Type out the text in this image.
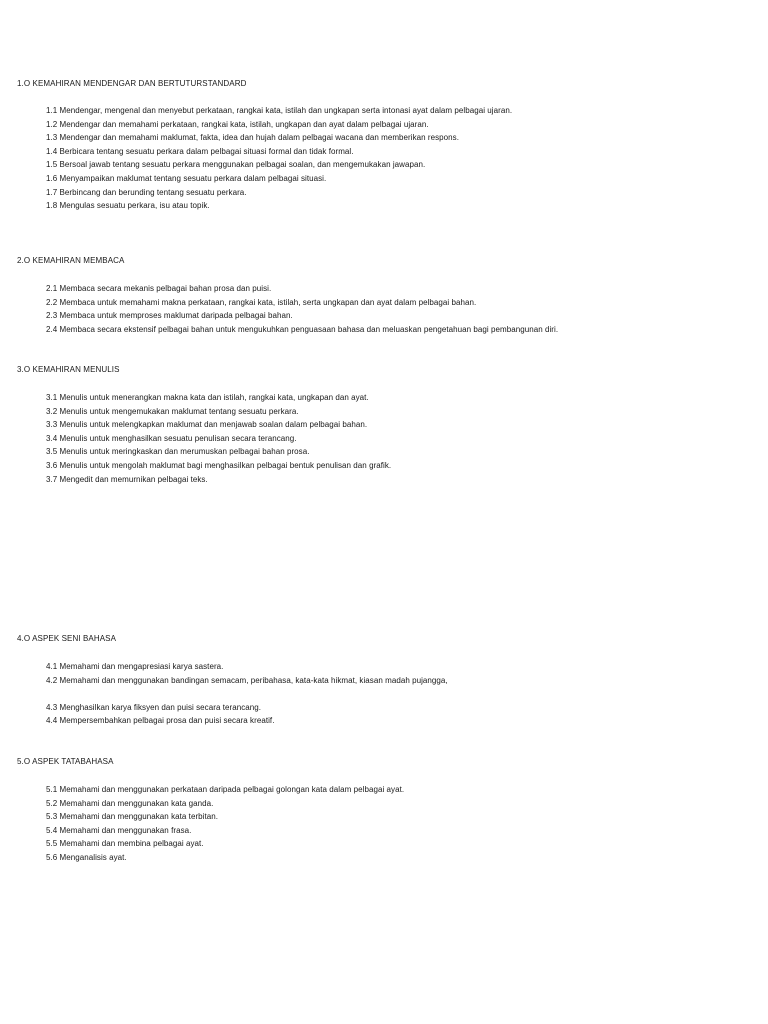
1.O KEMAHIRAN MENDENGAR DAN BERTUTURSTANDARD
1.1 Mendengar, mengenal dan menyebut perkataan, rangkai kata, istilah dan ungkapan serta intonasi ayat dalam pelbagai ujaran.
1.2 Mendengar dan memahami perkataan, rangkai kata, istilah, ungkapan dan ayat dalam pelbagai ujaran.
1.3 Mendengar dan memahami maklumat, fakta, idea dan hujah dalam pelbagai wacana dan memberikan respons.
1.4 Berbicara tentang sesuatu perkara dalam pelbagai situasi formal dan tidak formal.
1.5 Bersoal jawab tentang sesuatu perkara menggunakan pelbagai soalan, dan mengemukakan jawapan.
1.6 Menyampaikan maklumat tentang sesuatu perkara dalam pelbagai situasi.
1.7 Berbincang dan berunding tentang sesuatu perkara.
1.8 Mengulas sesuatu perkara, isu atau topik.
2.O KEMAHIRAN MEMBACA
2.1 Membaca secara mekanis pelbagai bahan prosa dan puisi.
2.2 Membaca untuk memahami makna perkataan, rangkai kata, istilah, serta ungkapan dan ayat dalam pelbagai bahan.
2.3 Membaca untuk memproses maklumat daripada pelbagai bahan.
2.4 Membaca secara ekstensif pelbagai bahan untuk mengukuhkan penguasaan bahasa dan meluaskan pengetahuan bagi pembangunan diri.
3.O KEMAHIRAN MENULIS
3.1 Menulis untuk menerangkan makna kata dan istilah, rangkai kata, ungkapan dan ayat.
3.2 Menulis untuk mengemukakan maklumat tentang sesuatu perkara.
3.3 Menulis untuk melengkapkan maklumat dan menjawab soalan dalam pelbagai bahan.
3.4 Menulis untuk menghasilkan sesuatu penulisan secara terancang.
3.5 Menulis untuk meringkaskan dan merumuskan pelbagai bahan prosa.
3.6 Menulis untuk mengolah maklumat bagi menghasilkan pelbagai bentuk penulisan dan grafik.
3.7 Mengedit dan memurnikan pelbagai teks.
4.O ASPEK SENI BAHASA
4.1 Memahami dan mengapresiasi karya sastera.
4.2 Memahami dan menggunakan bandingan semacam, peribahasa, kata-kata hikmat, kiasan madah pujangga,
4.3 Menghasilkan karya fiksyen dan puisi secara terancang.
4.4 Mempersembahkan pelbagai prosa dan puisi secara kreatif.
5.O ASPEK TATABAHASA
5.1 Memahami dan menggunakan perkataan daripada pelbagai golongan kata dalam pelbagai ayat.
5.2 Memahami dan menggunakan kata ganda.
5.3 Memahami dan menggunakan kata terbitan.
5.4 Memahami dan menggunakan frasa.
5.5 Memahami dan membina pelbagai ayat.
5.6 Menganalisis ayat.
